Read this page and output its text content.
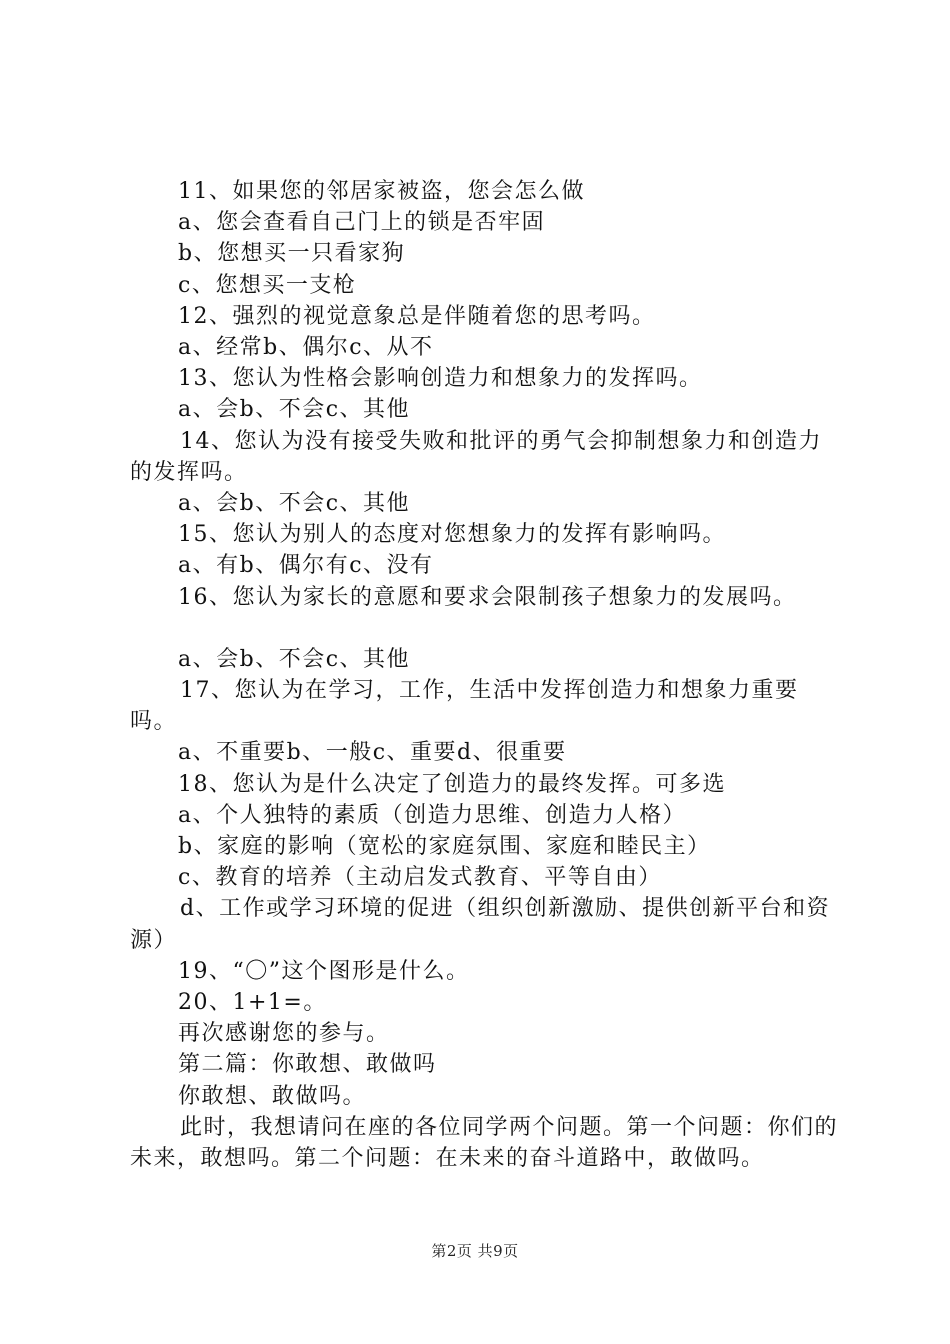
11、如果您的邻居家被盗，您会怎么做
a、您会查看自己门上的锁是否牢固
b、您想买一只看家狗
c、您想买一支枪
12、强烈的视觉意象总是伴随着您的思考吗。
a、经常b、偶尔c、从不
13、您认为性格会影响创造力和想象力的发挥吗。
a、会b、不会c、其他
14、您认为没有接受失败和批评的勇气会抑制想象力和创造力的发挥吗。
a、会b、不会c、其他
15、您认为别人的态度对您想象力的发挥有影响吗。
a、有b、偶尔有c、没有
16、您认为家长的意愿和要求会限制孩子想象力的发展吗。
a、会b、不会c、其他
17、您认为在学习，工作，生活中发挥创造力和想象力重要吗。
a、不重要b、一般c、重要d、很重要
18、您认为是什么决定了创造力的最终发挥。可多选
a、个人独特的素质（创造力思维、创造力人格）
b、家庭的影响（宽松的家庭氛围、家庭和睦民主）
c、教育的培养（主动启发式教育、平等自由）
d、工作或学习环境的促进（组织创新激励、提供创新平台和资源）
19、“〇”这个图形是什么。
20、1+1=。
再次感谢您的参与。
第二篇：你敢想、敢做吗
你敢想、敢做吗。
此时，我想请问在座的各位同学两个问题。第一个问题：你们的未来，敢想吗。第二个问题：在未来的奋斗道路中，敢做吗。
第2页 共9页
